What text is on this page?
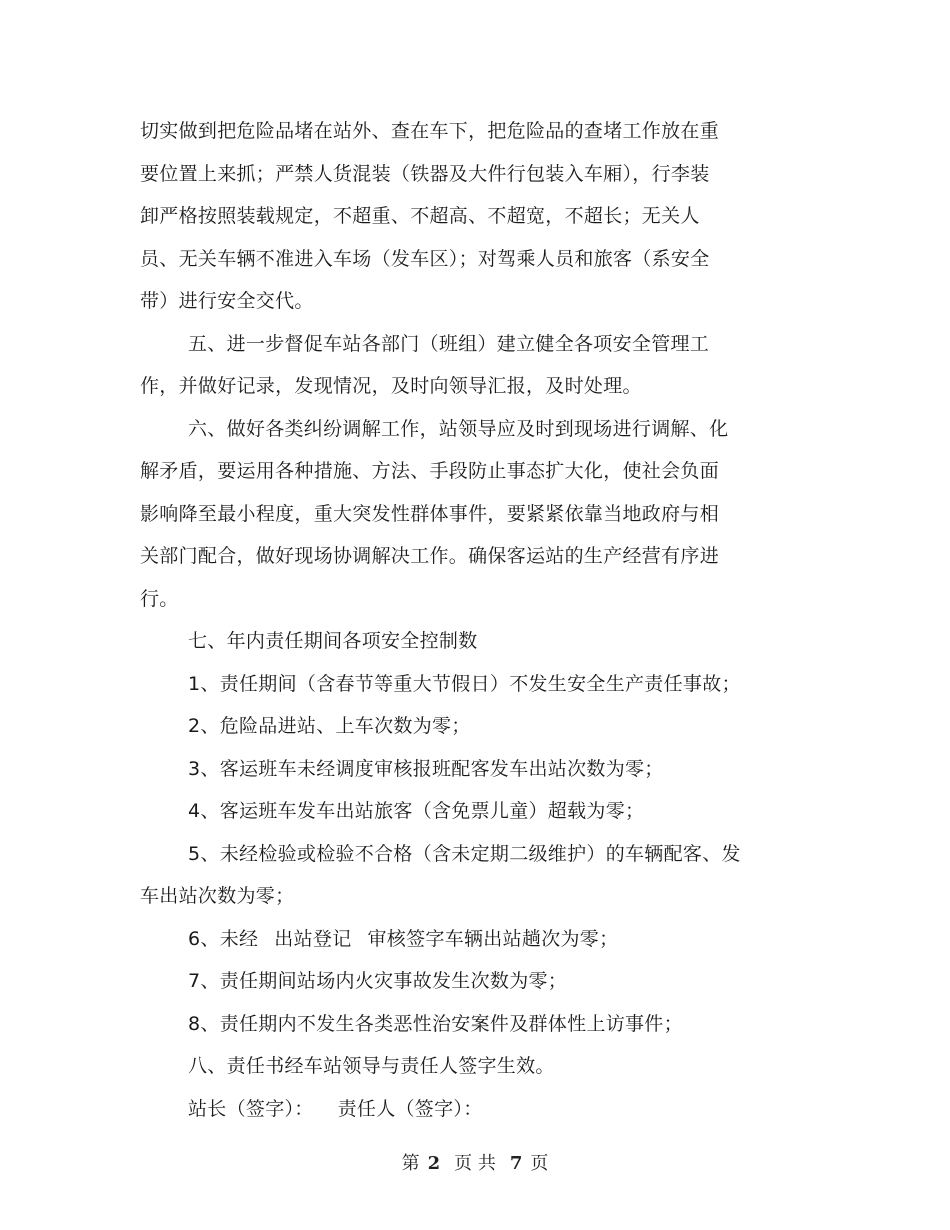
切实做到把危险品堵在站外、查在车下，把危险品的查堵工作放在重
要位置上来抓；严禁人货混装（铁器及大件行包装入车厢），行李装
卸严格按照装载规定，不超重、不超高、不超宽，不超长；无关人
员、无关车辆不准进入车场（发车区）；对驾乘人员和旅客（系安全
带）进行安全交代。
五、进一步督促车站各部门（班组）建立健全各项安全管理工
作，并做好记录，发现情况，及时向领导汇报，及时处理。
六、做好各类纠纷调解工作，站领导应及时到现场进行调解、化
解矛盾，要运用各种措施、方法、手段防止事态扩大化，使社会负面
影响降至最小程度，重大突发性群体事件，要紧紧依靠当地政府与相
关部门配合，做好现场协调解决工作。确保客运站的生产经营有序进
行。
七、年内责任期间各项安全控制数
1、责任期间（含春节等重大节假日）不发生安全生产责任事故；
2、危险品进站、上车次数为零；
3、客运班车未经调度审核报班配客发车出站次数为零；
4、客运班车发车出站旅客（含免票儿童）超载为零；
5、未经检验或检验不合格（含未定期二级维护）的车辆配客、发
车出站次数为零；
6、未经 出站登记 审核签字车辆出站趟次为零；
7、责任期间站场内火灾事故发生次数为零；
8、责任期内不发生各类恶性治安案件及群体性上访事件；
八、责任书经车站领导与责任人签字生效。
站长（签字）： 责任人（签字）：
第 2 页 共 7 页
